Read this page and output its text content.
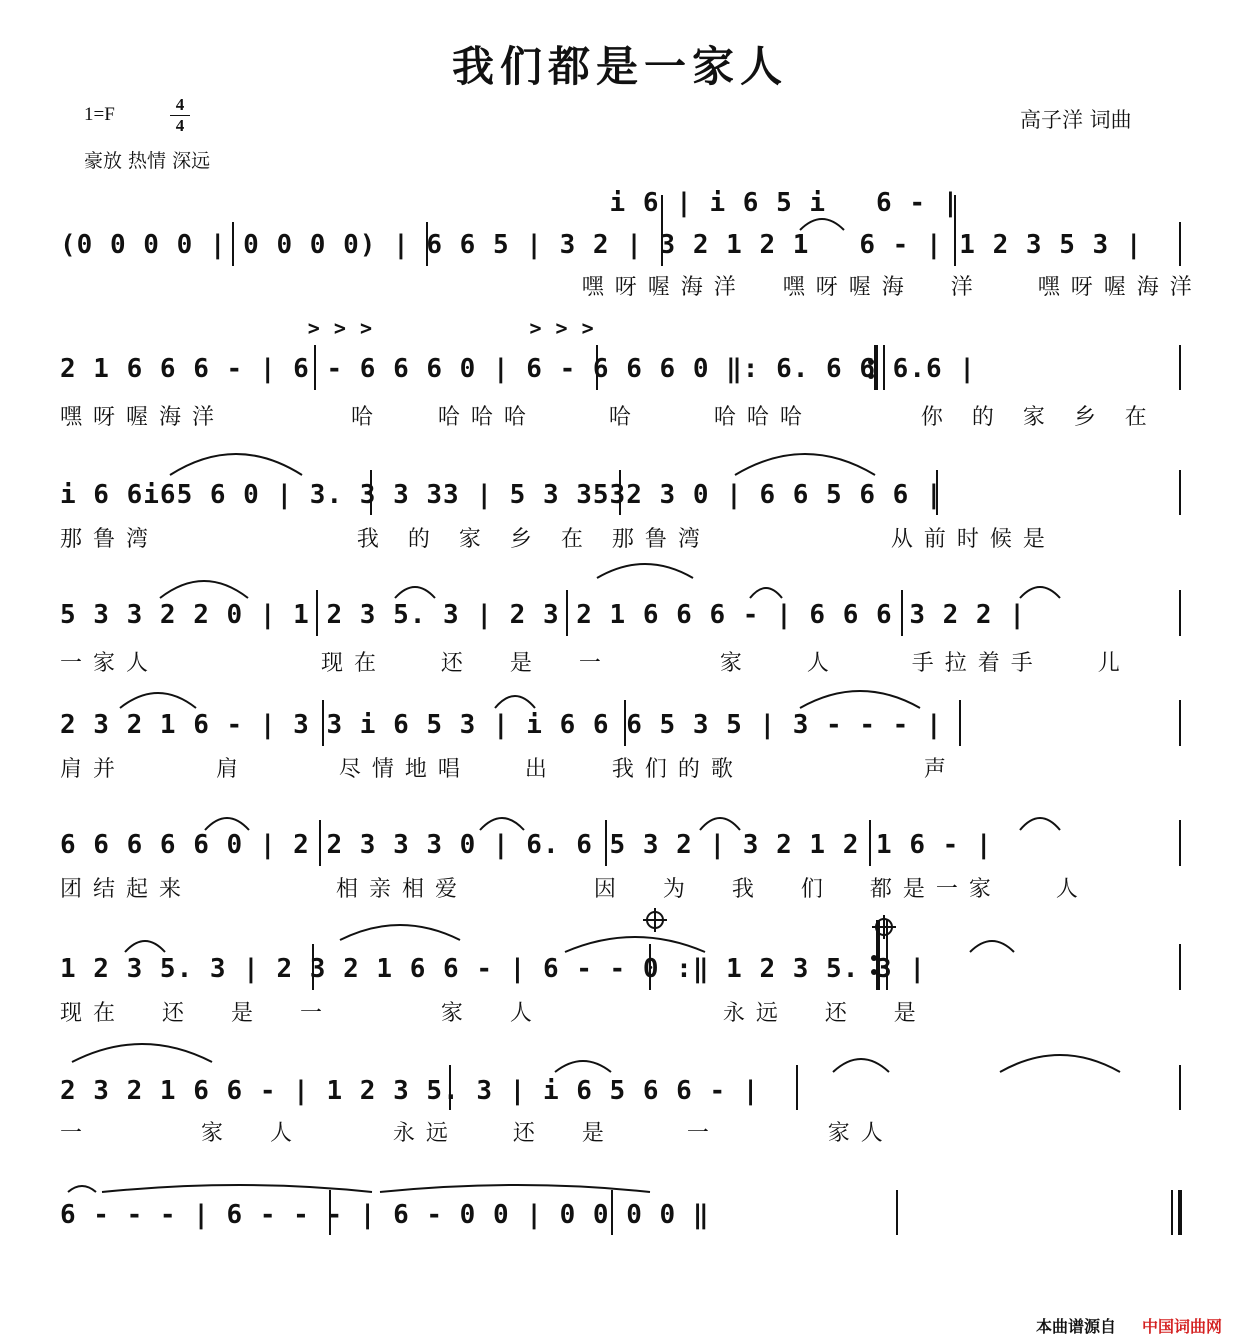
我们都是一家人
1=F	4
4
豪放 热情 深远
高子洋 词曲
i 6 | i 6 5 i   6 - |
(0 0 0 0 | 0 0 0 0) | 6 6 5 | 3 2 | 3 2 1 2 1   6 - | 1 2 3 5 3 |
嘿呀喔海洋  嘿呀喔海  洋   嘿呀喔海洋
> > >            > > >
2 1 6 6 6 - | 6 - 6 6 6 0 | 6 - 6 6 6 0 ‖: 6. 6 6 6.6 |
嘿呀喔海洋       哈   哈哈哈    哈    哈哈哈      你 的 家 乡 在
i 6 6i65 6 0 | 3. 3 3 33 | 5 3 3532 3 0 | 6 6 5 6 6 |
那鲁湾           我 的 家 乡 在 那鲁湾          从前时候是
5 3 3 2 2 0 | 1 2 3 5. 3 | 2 3 2 1 6 6 6 - | 6 6 6 3 2 2 |
一家人         现在   还  是  一      家   人    手拉着手   儿
2 3 2 1 6 - | 3 3 i 6 5 3 | i 6 6 6 5 3 5 | 3 - - - |
肩并     肩     尽情地唱   出   我们的歌          声
6 6 6 6 6 0 | 2 2 3 3 3 0 | 6. 6 5 3 2 | 3 2 1 2 1 6 - |
团结起来        相亲相爱       因  为  我  们  都是一家   人
1 2 3 5. 3 | 2 3 2 1 6 6 - | 6 - - 0 :‖ 1 2 3 5. 3 |
现在  还  是  一      家  人          永远  还  是
2 3 2 1 6 6 - | 1 2 3 5. 3 | i 6 5 6 6 - |
一      家  人     永远   还  是    一      家人
6 - - - | 6 - - - | 6 - 0 0 | 0 0 0 0 ‖
本曲谱源自 中国词曲网
